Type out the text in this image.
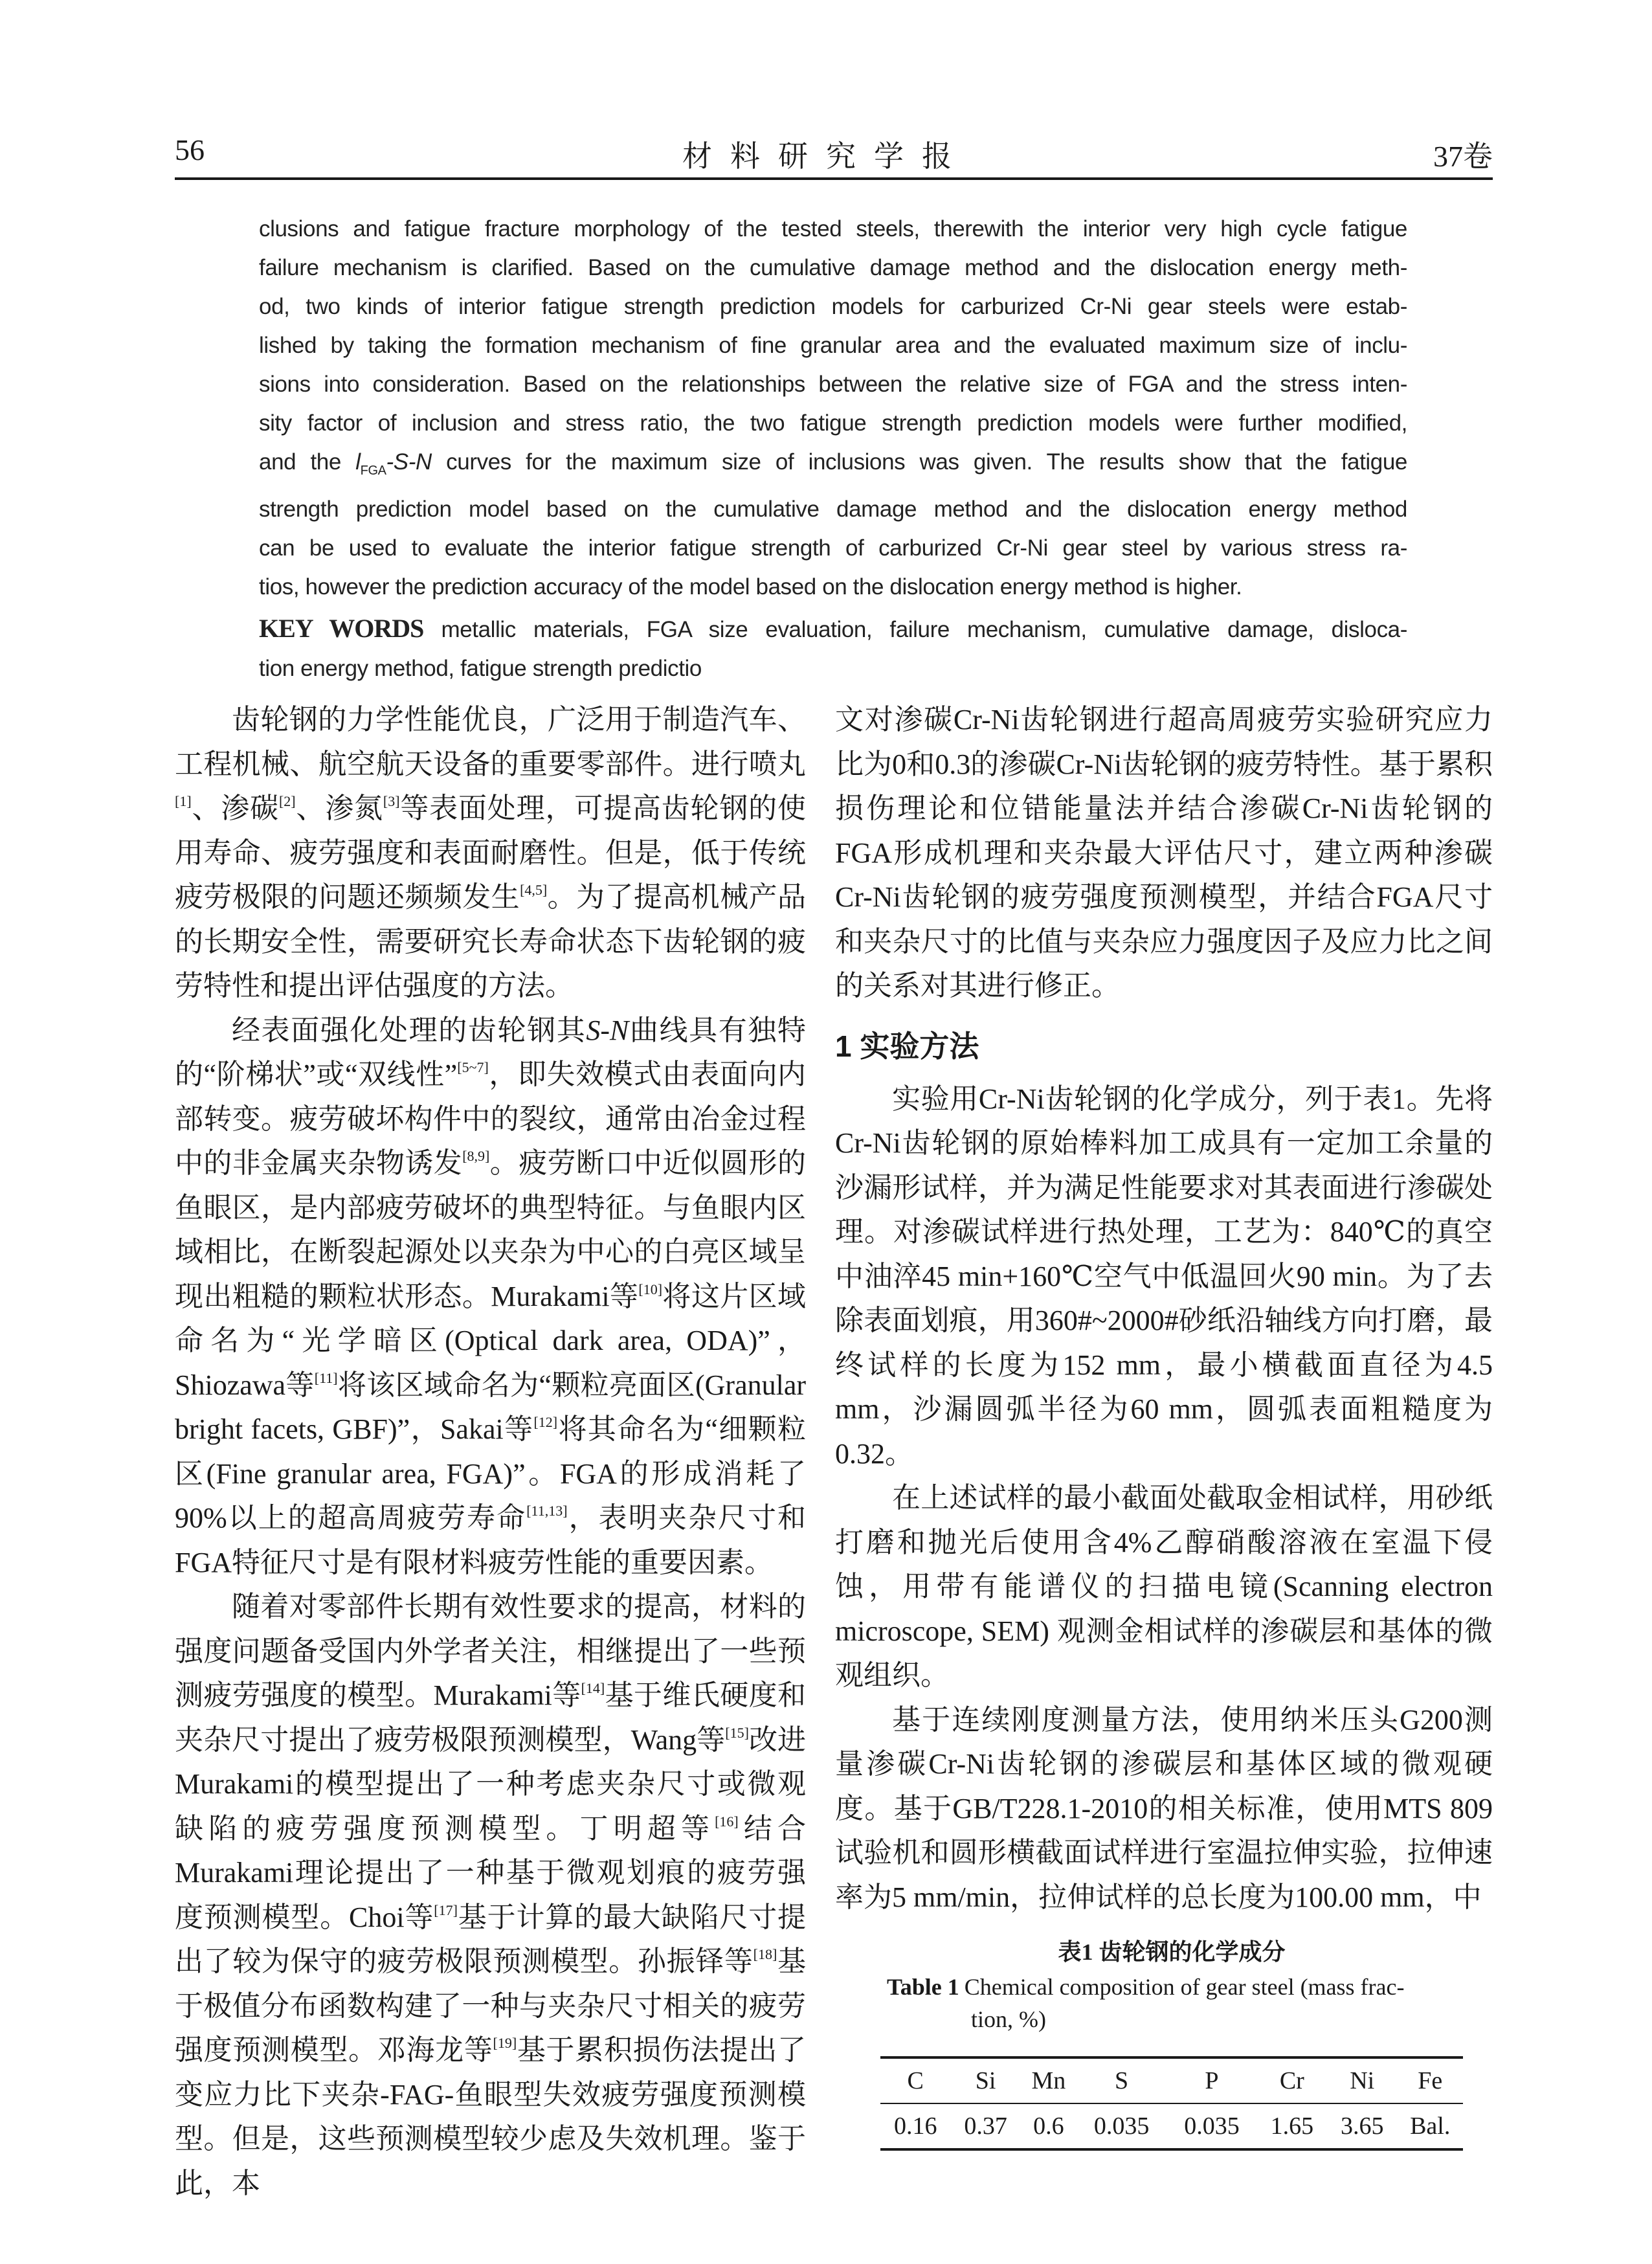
56	材料研究学报	37卷
clusions and fatigue fracture morphology of the tested steels, therewith the interior very high cycle fatigue
failure mechanism is clarified. Based on the cumulative damage method and the dislocation energy meth-
od, two kinds of interior fatigue strength prediction models for carburized Cr-Ni gear steels were estab-
lished by taking the formation mechanism of fine granular area and the evaluated maximum size of inclu-
sions into consideration. Based on the relationships between the relative size of FGA and the stress inten-
sity factor of inclusion and stress ratio, the two fatigue strength prediction models were further modified,
and the $l_{FGA}-S-N$ curves for the maximum size of inclusions was given. The results show that the fatigue
strength prediction model based on the cumulative damage method and the dislocation energy method
can be used to evaluate the interior fatigue strength of carburized Cr-Ni gear steel by various stress ra-
tios, however the prediction accuracy of the model based on the dislocation energy method is higher.
KEY WORDS metallic materials, FGA size evaluation, failure mechanism, cumulative damage, disloca-
tion energy method, fatigue strength predictio

齿轮钢的力学性能优良，广泛用于制造汽车、工程机械、航空航天设备的重要零部件。进行喷丸[1]、渗碳[2]、渗氮[3]等表面处理，可提高齿轮钢的使用寿命、疲劳强度和表面耐磨性。但是，低于传统疲劳极限的问题还频频发生[4,5]。为了提高机械产品的长期安全性，需要研究长寿命状态下齿轮钢的疲劳特性和提出评估强度的方法。

经表面强化处理的齿轮钢其S-N曲线具有独特的“阶梯状”或“双线性”[5~7]，即失效模式由表面向内部转变。疲劳破坏构件中的裂纹，通常由冶金过程中的非金属夹杂物诱发[8,9]。疲劳断口中近似圆形的鱼眼区，是内部疲劳破坏的典型特征。与鱼眼内区域相比，在断裂起源处以夹杂为中心的白亮区域呈现出粗糙的颗粒状形态。Murakami等[10]将这片区域命名为“光学暗区(Optical dark area, ODA)”，Shiozawa等[11]将该区域命名为“颗粒亮面区(Granular bright facets, GBF)”，Sakai等[12]将其命名为“细颗粒区(Fine granular area, FGA)”。FGA的形成消耗了90%以上的超高周疲劳寿命[11,13]，表明夹杂尺寸和FGA特征尺寸是有限材料疲劳性能的重要因素。

随着对零部件长期有效性要求的提高，材料的强度问题备受国内外学者关注，相继提出了一些预测疲劳强度的模型。Murakami等[14]基于维氏硬度和夹杂尺寸提出了疲劳极限预测模型，Wang等[15]改进Murakami的模型提出了一种考虑夹杂尺寸或微观缺陷的疲劳强度预测模型。丁明超等[16]结合Murakami理论提出了一种基于微观划痕的疲劳强度预测模型。Choi等[17]基于计算的最大缺陷尺寸提出了较为保守的疲劳极限预测模型。孙振铎等[18]基于极值分布函数构建了一种与夹杂尺寸相关的疲劳强度预测模型。邓海龙等[19]基于累积损伤法提出了变应力比下夹杂-FAG-鱼眼型失效疲劳强度预测模型。但是，这些预测模型较少虑及失效机理。鉴于此，本

文对渗碳Cr-Ni齿轮钢进行超高周疲劳实验研究应力比为0和0.3的渗碳Cr-Ni齿轮钢的疲劳特性。基于累积损伤理论和位错能量法并结合渗碳Cr-Ni齿轮钢的FGA形成机理和夹杂最大评估尺寸，建立两种渗碳Cr-Ni齿轮钢的疲劳强度预测模型，并结合FGA尺寸和夹杂尺寸的比值与夹杂应力强度因子及应力比之间的关系对其进行修正。

1 实验方法

实验用Cr-Ni齿轮钢的化学成分，列于表1。先将Cr-Ni齿轮钢的原始棒料加工成具有一定加工余量的沙漏形试样，并为满足性能要求对其表面进行渗碳处理。对渗碳试样进行热处理，工艺为：840℃的真空中油淬45 min+160℃空气中低温回火90 min。为了去除表面划痕，用360#~2000#砂纸沿轴线方向打磨，最终试样的长度为152 mm，最小横截面直径为4.5 mm，沙漏圆弧半径为60 mm，圆弧表面粗糙度为0.32。

在上述试样的最小截面处截取金相试样，用砂纸打磨和抛光后使用含4%乙醇硝酸溶液在室温下侵蚀，用带有能谱仪的扫描电镜(Scanning electron microscope, SEM) 观测金相试样的渗碳层和基体的微观组织。

基于连续刚度测量方法，使用纳米压头G200测量渗碳Cr-Ni齿轮钢的渗碳层和基体区域的微观硬度。基于GB/T228.1-2010的相关标准，使用MTS 809试验机和圆形横截面试样进行室温拉伸实验，拉伸速率为5 mm/min，拉伸试样的总长度为100.00 mm，中

表1 齿轮钢的化学成分
Table 1 Chemical composition of gear steel (mass frac-
tion, %)
C	Si	Mn	S	P	Cr	Ni	Fe
0.16	0.37	0.6	0.035	0.035	1.65	3.65	Bal.
